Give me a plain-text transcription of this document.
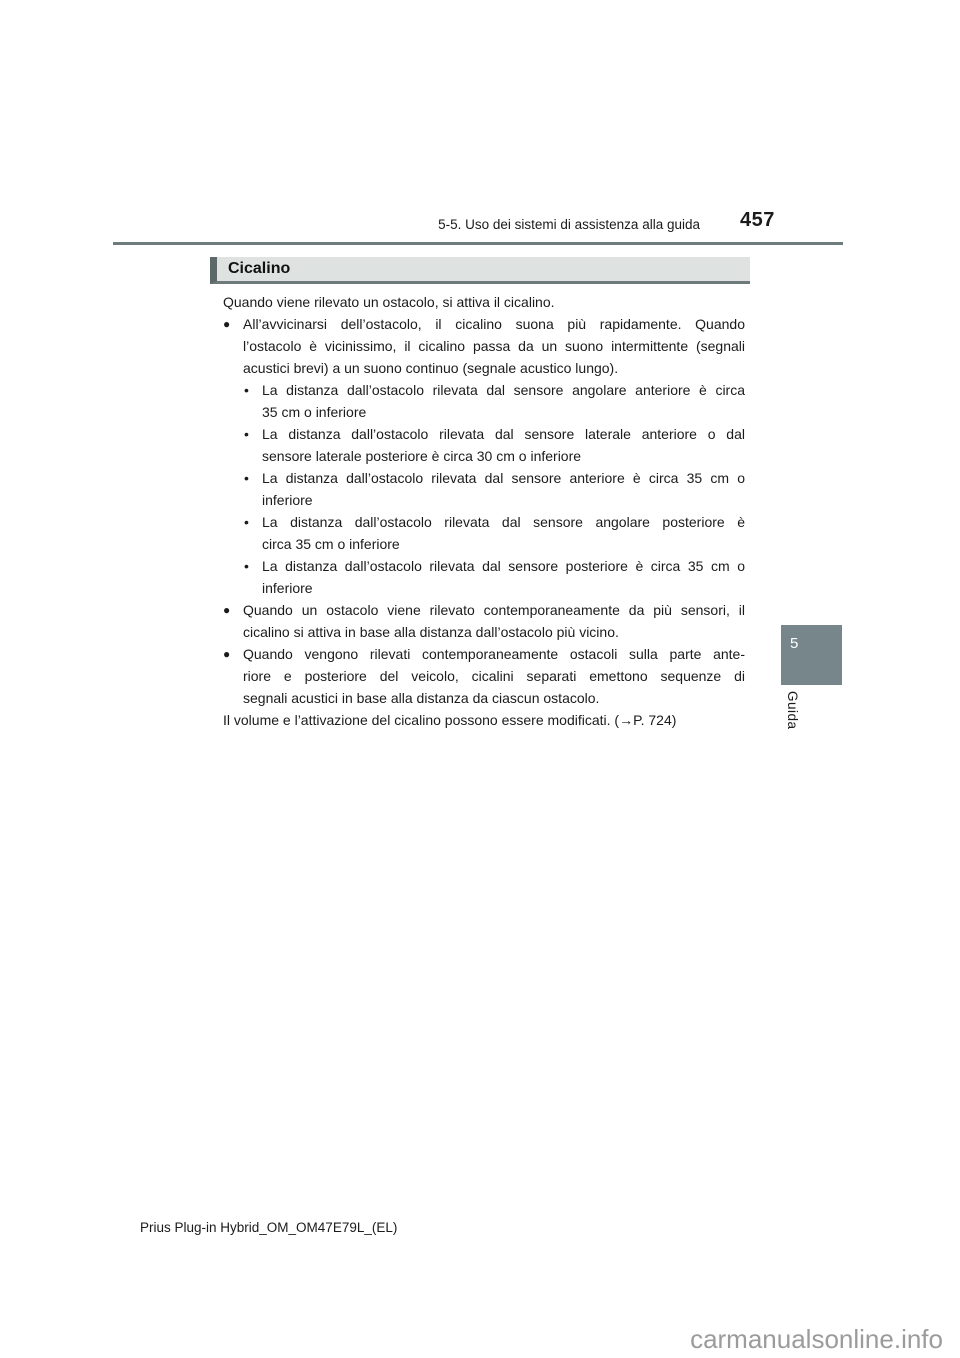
5-5. Uso dei sistemi di assistenza alla guida 457
Cicalino
Quando viene rilevato un ostacolo, si attiva il cicalino.
● All’avvicinarsi dell’ostacolo, il cicalino suona più rapidamente. Quando
l’ostacolo è vicinissimo, il cicalino passa da un suono intermittente (segnali
acustici brevi) a un suono continuo (segnale acustico lungo).
• La distanza dall’ostacolo rilevata dal sensore angolare anteriore è circa
35 cm o inferiore
• La distanza dall’ostacolo rilevata dal sensore laterale anteriore o dal
sensore laterale posteriore è circa 30 cm o inferiore
• La distanza dall’ostacolo rilevata dal sensore anteriore è circa 35 cm o
inferiore
• La distanza dall’ostacolo rilevata dal sensore angolare posteriore è
circa 35 cm o inferiore
• La distanza dall’ostacolo rilevata dal sensore posteriore è circa 35 cm o
inferiore
● Quando un ostacolo viene rilevato contemporaneamente da più sensori, il
cicalino si attiva in base alla distanza dall’ostacolo più vicino.
● Quando vengono rilevati contemporaneamente ostacoli sulla parte ante-
riore e posteriore del veicolo, cicalini separati emettono sequenze di
segnali acustici in base alla distanza da ciascun ostacolo.
Il volume e l’attivazione del cicalino possono essere modificati. (→P. 724)
5
Guida
Prius Plug-in Hybrid_OM_OM47E79L_(EL)
carmanualsonline.info
